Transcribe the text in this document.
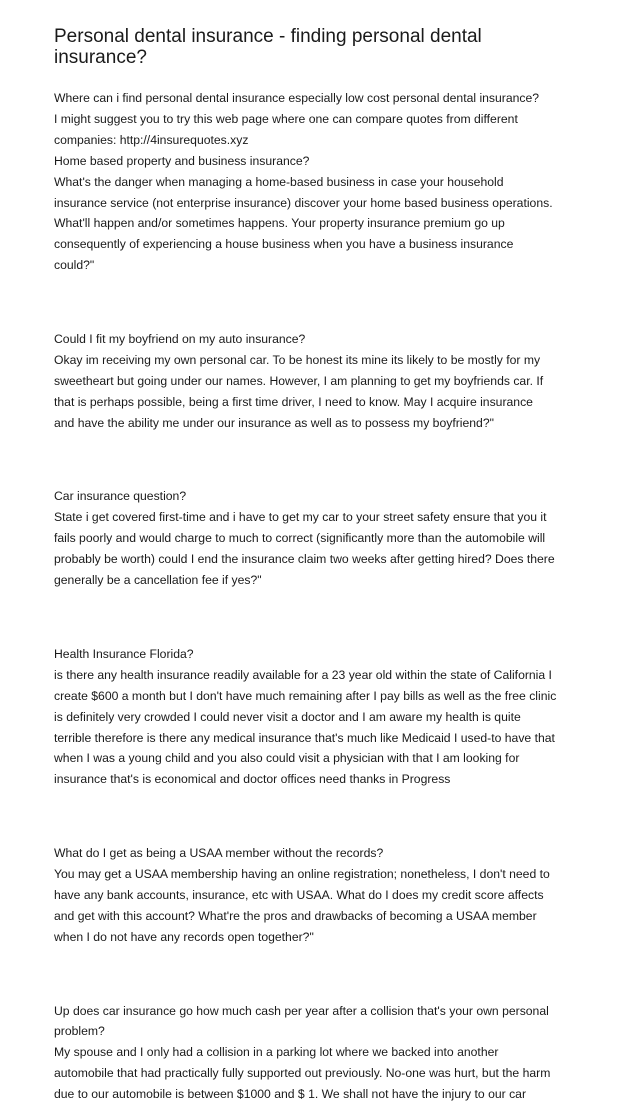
Personal dental insurance - finding personal dental
insurance?

Where can i find personal dental insurance especially low cost personal dental insurance?

I might suggest you to try this web page where one can compare quotes from different

companies: http://4insurequotes.xyz

Home based property and business insurance?

What's the danger when managing a home-based business in case your household

insurance service (not enterprise insurance) discover your home based business operations.

What'll happen and/or sometimes happens. Your property insurance premium go up

consequently of experiencing a house business when you have a business insurance

could?"

Could I fit my boyfriend on my auto insurance?

Okay im receiving my own personal car. To be honest its mine its likely to be mostly for my

sweetheart but going under our names. However, I am planning to get my boyfriends car. If

that is perhaps possible, being a first time driver, I need to know. May I acquire insurance

and have the ability me under our insurance as well as to possess my boyfriend?"

Car insurance question?

State i get covered first-time and i have to get my car to your street safety ensure that you it

fails poorly and would charge to much to correct (significantly more than the automobile will

probably be worth) could I end the insurance claim two weeks after getting hired? Does there

generally be a cancellation fee if yes?"

Health Insurance Florida?

is there any health insurance readily available for a 23 year old within the state of California I

create $600 a month but I don't have much remaining after I pay bills as well as the free clinic

is definitely very crowded I could never visit a doctor and I am aware my health is quite

terrible therefore is there any medical insurance that's much like Medicaid I used-to have that

when I was a young child and you also could visit a physician with that I am looking for

insurance that's is economical and doctor offices need thanks in Progress

What do I get as being a USAA member without the records?

You may get a USAA membership having an online registration; nonetheless, I don't need to

have any bank accounts, insurance, etc with USAA. What do I does my credit score affects

and get with this account? What're the pros and drawbacks of becoming a USAA member

when I do not have any records open together?"

Up does car insurance go how much cash per year after a collision that's your own personal

problem?

My spouse and I only had a collision in a parking lot where we backed into another

automobile that had practically fully supported out previously. No-one was hurt, but the harm

due to our automobile is between $1000 and $ 1. We shall not have the injury to our car
